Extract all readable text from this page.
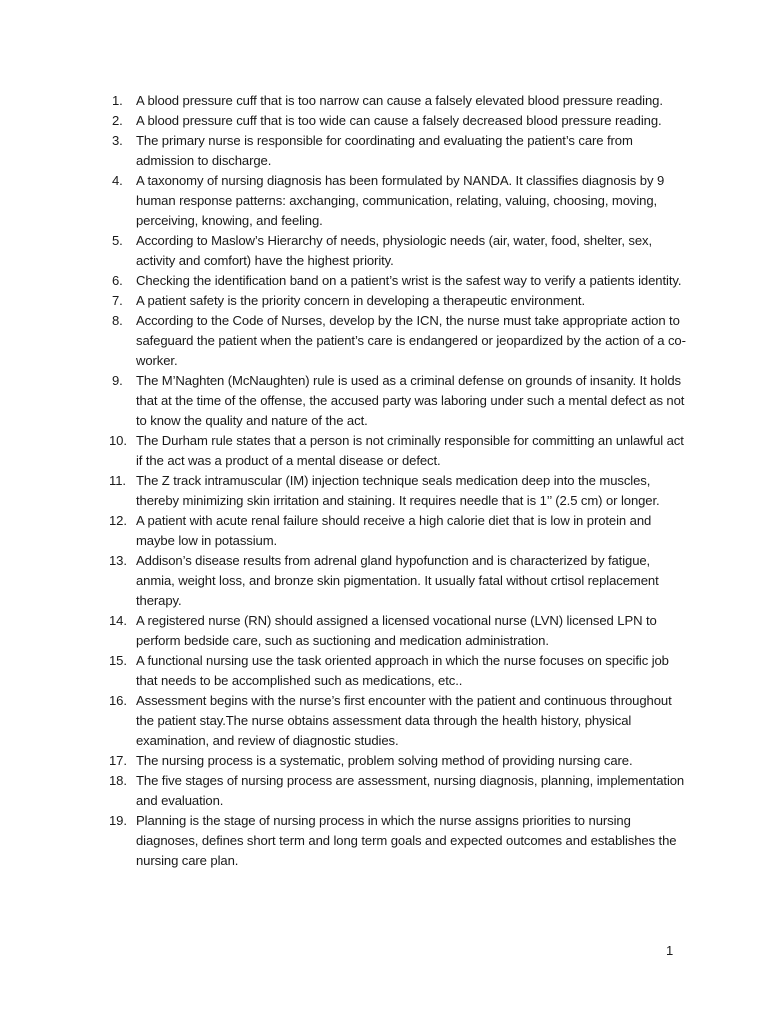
1.	A blood pressure cuff that is too narrow can cause a falsely elevated blood pressure reading.
2.	A blood pressure cuff that is too wide can cause a falsely decreased blood pressure reading.
3.	The primary nurse is responsible for coordinating and evaluating the patient’s care from admission to discharge.
4.	A taxonomy of nursing diagnosis has been formulated by NANDA. It classifies diagnosis by 9 human response patterns: axchanging, communication, relating, valuing, choosing, moving, perceiving, knowing, and feeling.
5.	According to Maslow’s Hierarchy of needs, physiologic needs (air, water, food, shelter, sex, activity and comfort) have the highest priority.
6.	Checking the identification band on a patient’s wrist is the safest way to verify a patients identity.
7.	A patient safety is the priority concern in developing a therapeutic environment.
8.	According to the Code of Nurses, develop by the ICN, the nurse must take appropriate action to safeguard the patient when the patient’s care is endangered or jeopardized by the action of a co-worker.
9.	The M’Naghten (McNaughten) rule is used as a criminal defense on grounds of insanity. It holds that at the time of the offense, the accused party was laboring under such a mental defect as not to know the quality and nature of the act.
10. The Durham rule states that a person is not criminally responsible for committing an unlawful act if the act was a product of a mental disease or defect.
11. The Z track intramuscular (IM) injection technique seals medication deep into the muscles, thereby minimizing skin irritation and staining. It requires needle that is 1’’ (2.5 cm) or longer.
12. A patient with acute renal failure should receive a high calorie diet that is low in protein and maybe low in potassium.
13. Addison’s disease results from adrenal gland hypofunction and is characterized by fatigue, anmia, weight loss, and bronze skin pigmentation. It usually fatal without crtisol replacement therapy.
14. A registered nurse (RN) should assigned a licensed vocational nurse (LVN) licensed LPN to perform bedside care, such as suctioning and medication administration.
15. A functional nursing use the task oriented approach in which the nurse focuses on specific job that needs to be accomplished such as medications, etc..
16. Assessment begins with the nurse’s first encounter with the patient and continuous throughout the patient stay.The nurse obtains assessment data through the health history, physical examination, and review of diagnostic studies.
17. The nursing process is a systematic, problem solving method of providing nursing care.
18. The five stages of nursing process are assessment, nursing diagnosis, planning, implementation and evaluation.
19. Planning is the stage of nursing process in which the nurse assigns priorities to nursing diagnoses, defines short term and long term goals and expected outcomes and establishes the nursing care plan.
1
